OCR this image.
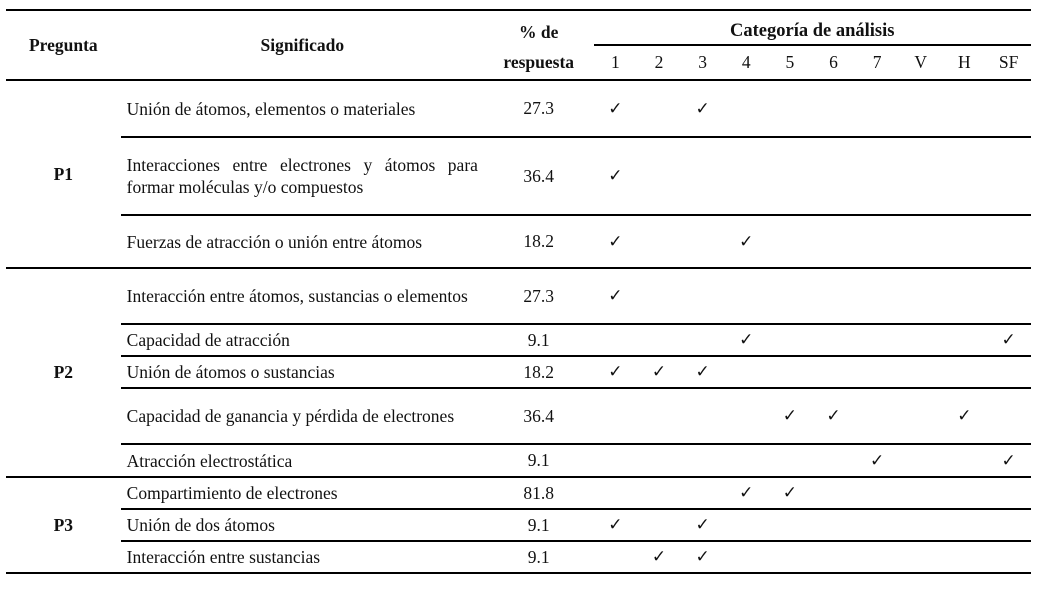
Pregunta	Significado	% de	Categoría de análisis									
		respuesta	1	2	3	4	5	6	7	V	H	SF
P1	Unión de átomos, elementos o materiales	27.3	✓		✓							
	Interacciones entre electrones y átomos para formar moléculas y/o compuestos	36.4	✓									
	Fuerzas de atracción o unión entre átomos	18.2	✓			✓						
P2	Interacción entre átomos, sustancias o elementos	27.3	✓									
	Capacidad de atracción	9.1				✓						✓
	Unión de átomos o sustancias	18.2	✓	✓	✓							
	Capacidad de ganancia y pérdida de electrones	36.4					✓	✓			✓	
	Atracción electrostática	9.1							✓			✓
P3	Compartimiento de electrones	81.8				✓	✓					
	Unión de dos átomos	9.1	✓		✓							
	Interacción entre sustancias	9.1		✓	✓							
